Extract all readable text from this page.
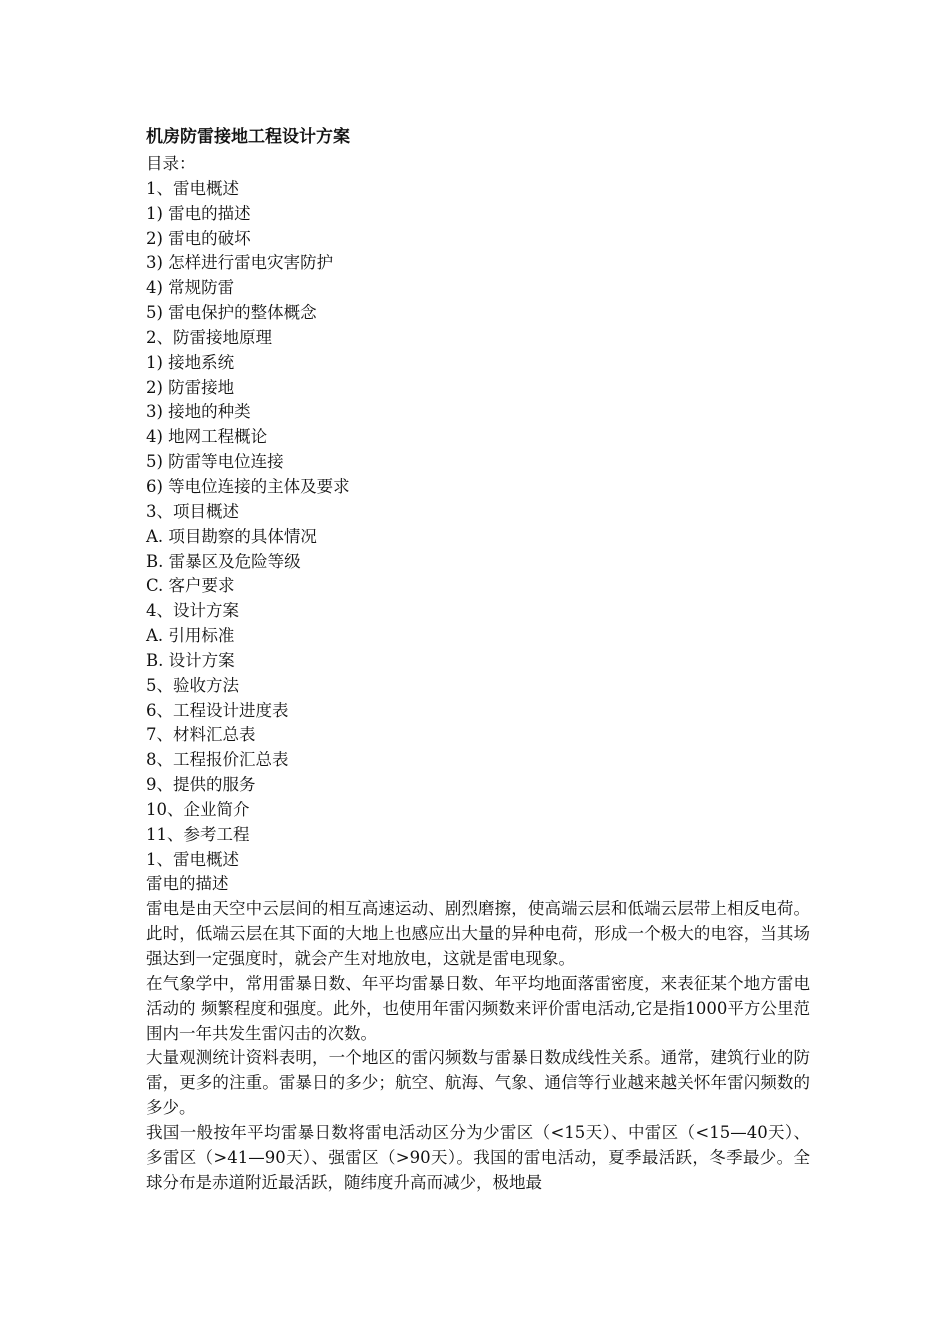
机房防雷接地工程设计方案
目录：
1、雷电概述
1) 雷电的描述
2) 雷电的破坏
3) 怎样进行雷电灾害防护
4) 常规防雷
5) 雷电保护的整体概念
2、防雷接地原理
1) 接地系统
2) 防雷接地
3) 接地的种类
4) 地网工程概论
5) 防雷等电位连接
6) 等电位连接的主体及要求
3、项目概述
A. 项目勘察的具体情况
B. 雷暴区及危险等级
C. 客户要求
4、设计方案
A. 引用标准
B. 设计方案
5、验收方法
6、工程设计进度表
7、材料汇总表
8、工程报价汇总表
9、提供的服务
10、企业简介
11、参考工程
1、雷电概述
雷电的描述

雷电是由天空中云层间的相互高速运动、剧烈磨擦，使高端云层和低端云层带上相反电荷。此时，低端云层在其下面的大地上也感应出大量的异种电荷，形成一个极大的电容，当其场强达到一定强度时，就会产生对地放电，这就是雷电现象。

在气象学中，常用雷暴日数、年平均雷暴日数、年平均地面落雷密度，来表征某个地方雷电活动的 频繁程度和强度。此外，也使用年雷闪频数来评价雷电活动,它是指1000平方公里范围内一年共发生雷闪击的次数。

大量观测统计资料表明，一个地区的雷闪频数与雷暴日数成线性关系。通常，建筑行业的防雷，更多的注重。雷暴日的多少；航空、航海、气象、通信等行业越来越关怀年雷闪频数的多少。

我国一般按年平均雷暴日数将雷电活动区分为少雷区（<15天）、中雷区（<15—40天）、多雷区（>41—90天）、强雷区（>90天）。我国的雷电活动，夏季最活跃，冬季最少。全球分布是赤道附近最活跃，随纬度升高而减少，极地最
